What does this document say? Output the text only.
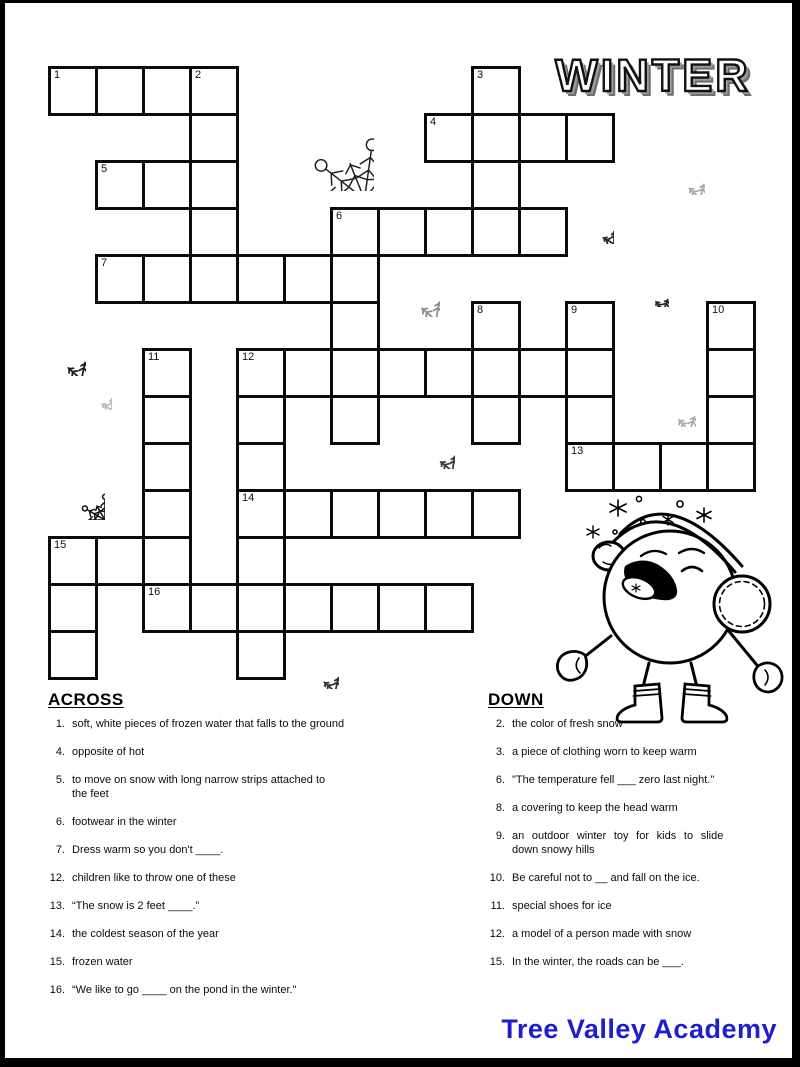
WINTER
1	2	3
4
5
6
7
8	9
13
10
11
16
12
14
15
ACROSS
1. soft, white pieces of frozen water that falls to the ground
4. opposite of hot
5. to move on snow with long narrow strips attached to
the feet
6. footwear in the winter
7. Dress warm so you don't ____.
12. children like to throw one of these
13. “The snow is 2 feet ____.”
14. the coldest season of the year
15. frozen water
16. “We like to go ____ on the pond in the winter."
DOWN
2. the color of fresh snow
3. a piece of clothing worn to keep warm
6. "The temperature fell ___ zero last night."
8. a covering to keep the head warm
9. an outdoor winter toy for kids to slide
down snowy hills
10. Be careful not to __ and fall on the ice.
11. special shoes for ice
12. a model of a person made with snow
15. In the winter, the roads can be ___.
Tree Valley Academy
